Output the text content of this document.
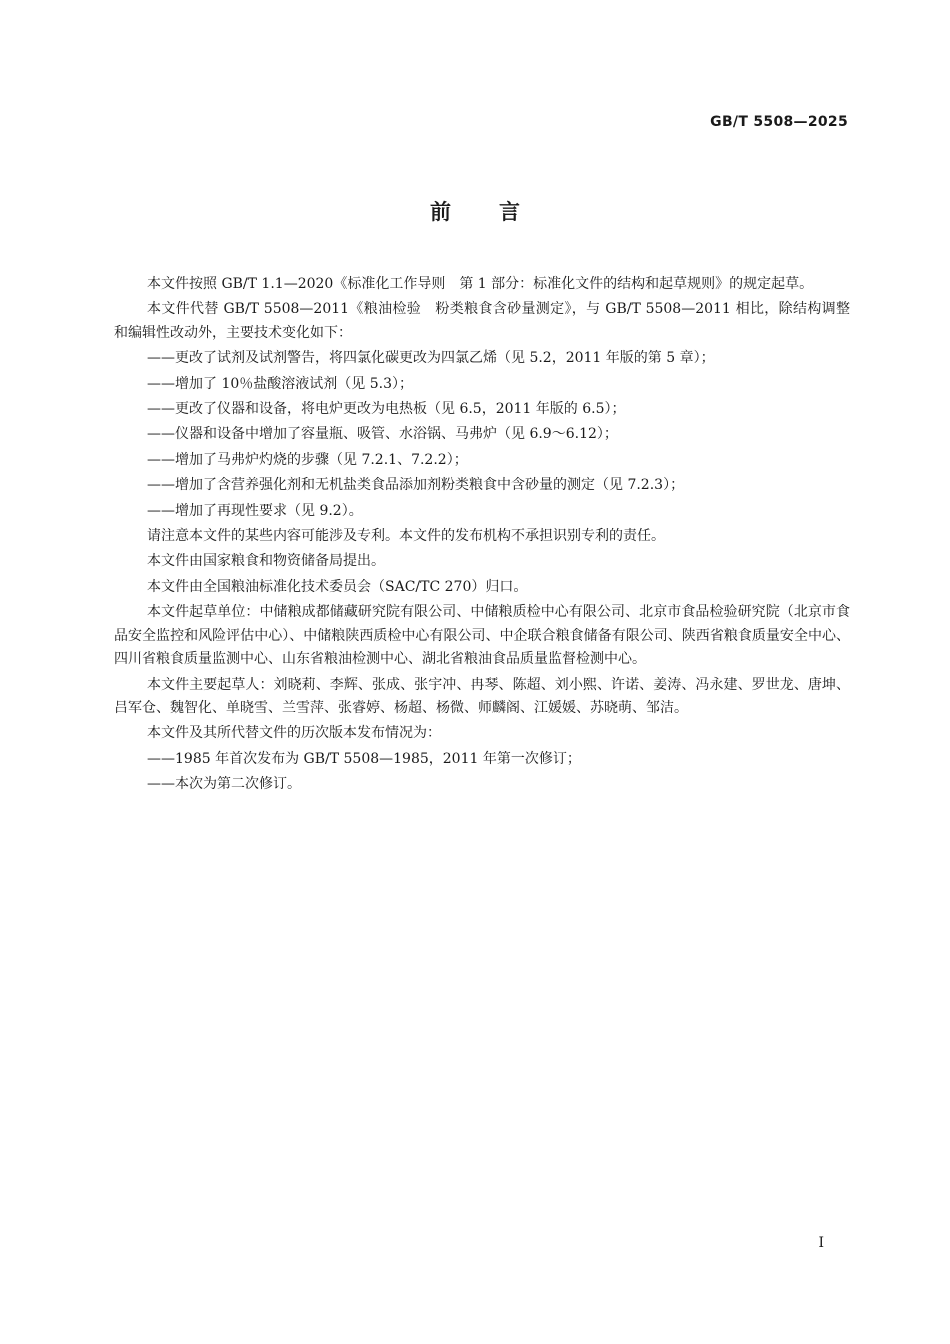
GB/T 5508—2025
前言

本文件按照 GB/T 1.1—2020《标准化工作导则　第 1 部分：标准化文件的结构和起草规则》的规定起草。

本文件代替 GB/T 5508—2011《粮油检验　粉类粮食含砂量测定》，与 GB/T 5508—2011 相比，除结构调整和编辑性改动外，主要技术变化如下：

——更改了试剂及试剂警告，将四氯化碳更改为四氯乙烯（见 5.2，2011 年版的第 5 章）；

——增加了 10％盐酸溶液试剂（见 5.3）；

——更改了仪器和设备，将电炉更改为电热板（见 6.5，2011 年版的 6.5）；

——仪器和设备中增加了容量瓶、吸管、水浴锅、马弗炉（见 6.9～6.12）；

——增加了马弗炉灼烧的步骤（见 7.2.1、7.2.2）；

——增加了含营养强化剂和无机盐类食品添加剂粉类粮食中含砂量的测定（见 7.2.3）；

——增加了再现性要求（见 9.2）。

请注意本文件的某些内容可能涉及专利。本文件的发布机构不承担识别专利的责任。

本文件由国家粮食和物资储备局提出。

本文件由全国粮油标准化技术委员会（SAC/TC 270）归口。

本文件起草单位：中储粮成都储藏研究院有限公司、中储粮质检中心有限公司、北京市食品检验研究院（北京市食品安全监控和风险评估中心）、中储粮陕西质检中心有限公司、中企联合粮食储备有限公司、陕西省粮食质量安全中心、四川省粮食质量监测中心、山东省粮油检测中心、湖北省粮油食品质量监督检测中心。

本文件主要起草人：刘晓莉、李辉、张成、张宇冲、冉琴、陈超、刘小熙、许诺、姜涛、冯永建、罗世龙、唐坤、吕军仓、魏智化、单晓雪、兰雪萍、张睿婷、杨超、杨微、师麟阁、江媛媛、苏晓萌、邹洁。

本文件及其所代替文件的历次版本发布情况为：

——1985 年首次发布为 GB/T 5508—1985，2011 年第一次修订；

——本次为第二次修订。

I
